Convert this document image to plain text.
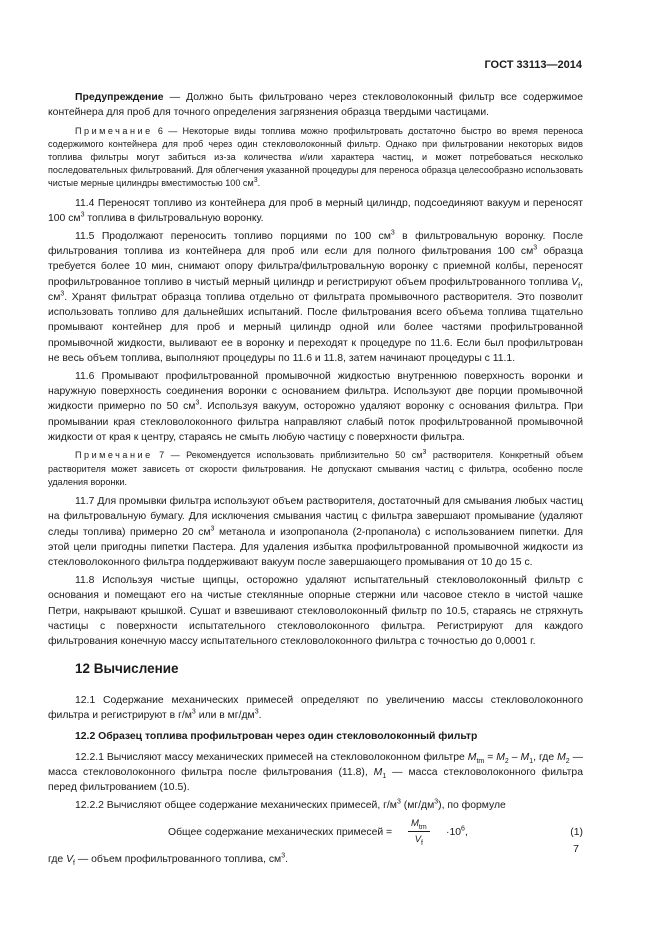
ГОСТ 33113—2014

Предупреждение — Должно быть фильтровано через стекловолоконный фильтр все содержимое контейнера для проб для точного определения загрязнения образца твердыми частицами.

Примечание 6 — Некоторые виды топлива можно профильтровать достаточно быстро во время переноса содержимого контейнера для проб через один стекловолоконный фильтр. Однако при фильтровании некоторых видов топлива фильтры могут забиться из-за количества и/или характера частиц, и может потребоваться несколько последовательных фильтрований. Для облегчения указанной процедуры для переноса образца целесообразно использовать чистые мерные цилиндры вместимостью 100 $см^3$.

11.4 Переносят топливо из контейнера для проб в мерный цилиндр, подсоединяют вакуум и переносят 100 $см^3$ топлива в фильтровальную воронку.

11.5 Продолжают переносить топливо порциями по 100 $см^3$ в фильтровальную воронку. После фильтрования топлива из контейнера для проб или если для полного фильтрования 100 $см^3$ образца требуется более 10 мин, снимают опору фильтра/фильтровальную воронку с приемной колбы, переносят профильтрованное топливо в чистый мерный цилиндр и регистрируют объем профильтрованного топлива $V_f$, $см^3$. Хранят фильтрат образца топлива отдельно от фильтрата промывочного растворителя. Это позволит использовать топливо для дальнейших испытаний. После фильтрования всего объема топлива тщательно промывают контейнер для проб и мерный цилиндр одной или более частями профильтрованной промывочной жидкости, выливают ее в воронку и переходят к процедуре по 11.6. Если был профильтрован не весь объем топлива, выполняют процедуры по 11.6 и 11.8, затем начинают процедуры с 11.1.

11.6 Промывают профильтрованной промывочной жидкостью внутреннюю поверхность воронки и наружную поверхность соединения воронки с основанием фильтра. Используют две порции промывочной жидкости примерно по 50 $см^3$. Используя вакуум, осторожно удаляют воронку с основания фильтра. При промывании края стекловолоконного фильтра направляют слабый поток профильтрованной промывочной жидкости от края к центру, стараясь не смыть любую частицу с поверхности фильтра.

Примечание 7 — Рекомендуется использовать приблизительно 50 $см^3$ растворителя. Конкретный объем растворителя может зависеть от скорости фильтрования. Не допускают смывания частиц с фильтра, особенно после удаления воронки.

11.7 Для промывки фильтра используют объем растворителя, достаточный для смывания любых частиц на фильтровальную бумагу. Для исключения смывания частиц с фильтра завершают промывание (удаляют следы топлива) примерно 20 $см^3$ метанола и изопропанола (2-пропанола) с использованием пипетки. Для этой цели пригодны пипетки Пастера. Для удаления избытка профильтрованной промывочной жидкости из стекловолоконного фильтра поддерживают вакуум после завершающего промывания от 10 до 15 с.

11.8 Используя чистые щипцы, осторожно удаляют испытательный стекловолоконный фильтр с основания и помещают его на чистые стеклянные опорные стержни или часовое стекло в чистой чашке Петри, накрывают крышкой. Сушат и взвешивают стекловолоконный фильтр по 10.5, стараясь не стряхнуть частицы с поверхности испытательного стекловолоконного фильтра. Регистрируют для каждого фильтрования конечную массу испытательного стекловолоконного фильтра с точностью до 0,0001 г.

12 Вычисление

12.1 Содержание механических примесей определяют по увеличению массы стекловолоконного фильтра и регистрируют в $г/м^3$ или в $мг/дм^3$.

12.2 Образец топлива профильтрован через один стекловолоконный фильтр

12.2.1 Вычисляют массу механических примесей на стекловолоконном фильтре $M_{tm} = M_2 - M_1$, где $M_2$ — масса стекловолоконного фильтра после фильтрования (11.8), $M_1$ — масса стекловолоконного фильтра перед фильтрованием (10.5).

12.2.2 Вычисляют общее содержание механических примесей, $г/м^3$ $(мг/дм^3)$, по формуле

Общее содержание механических примесей =
$M_{tm}$
$V_f$
$\cdot 10^6$,	(1)

где $V_f$ — объем профильтрованного топлива, $см^3$.

7
